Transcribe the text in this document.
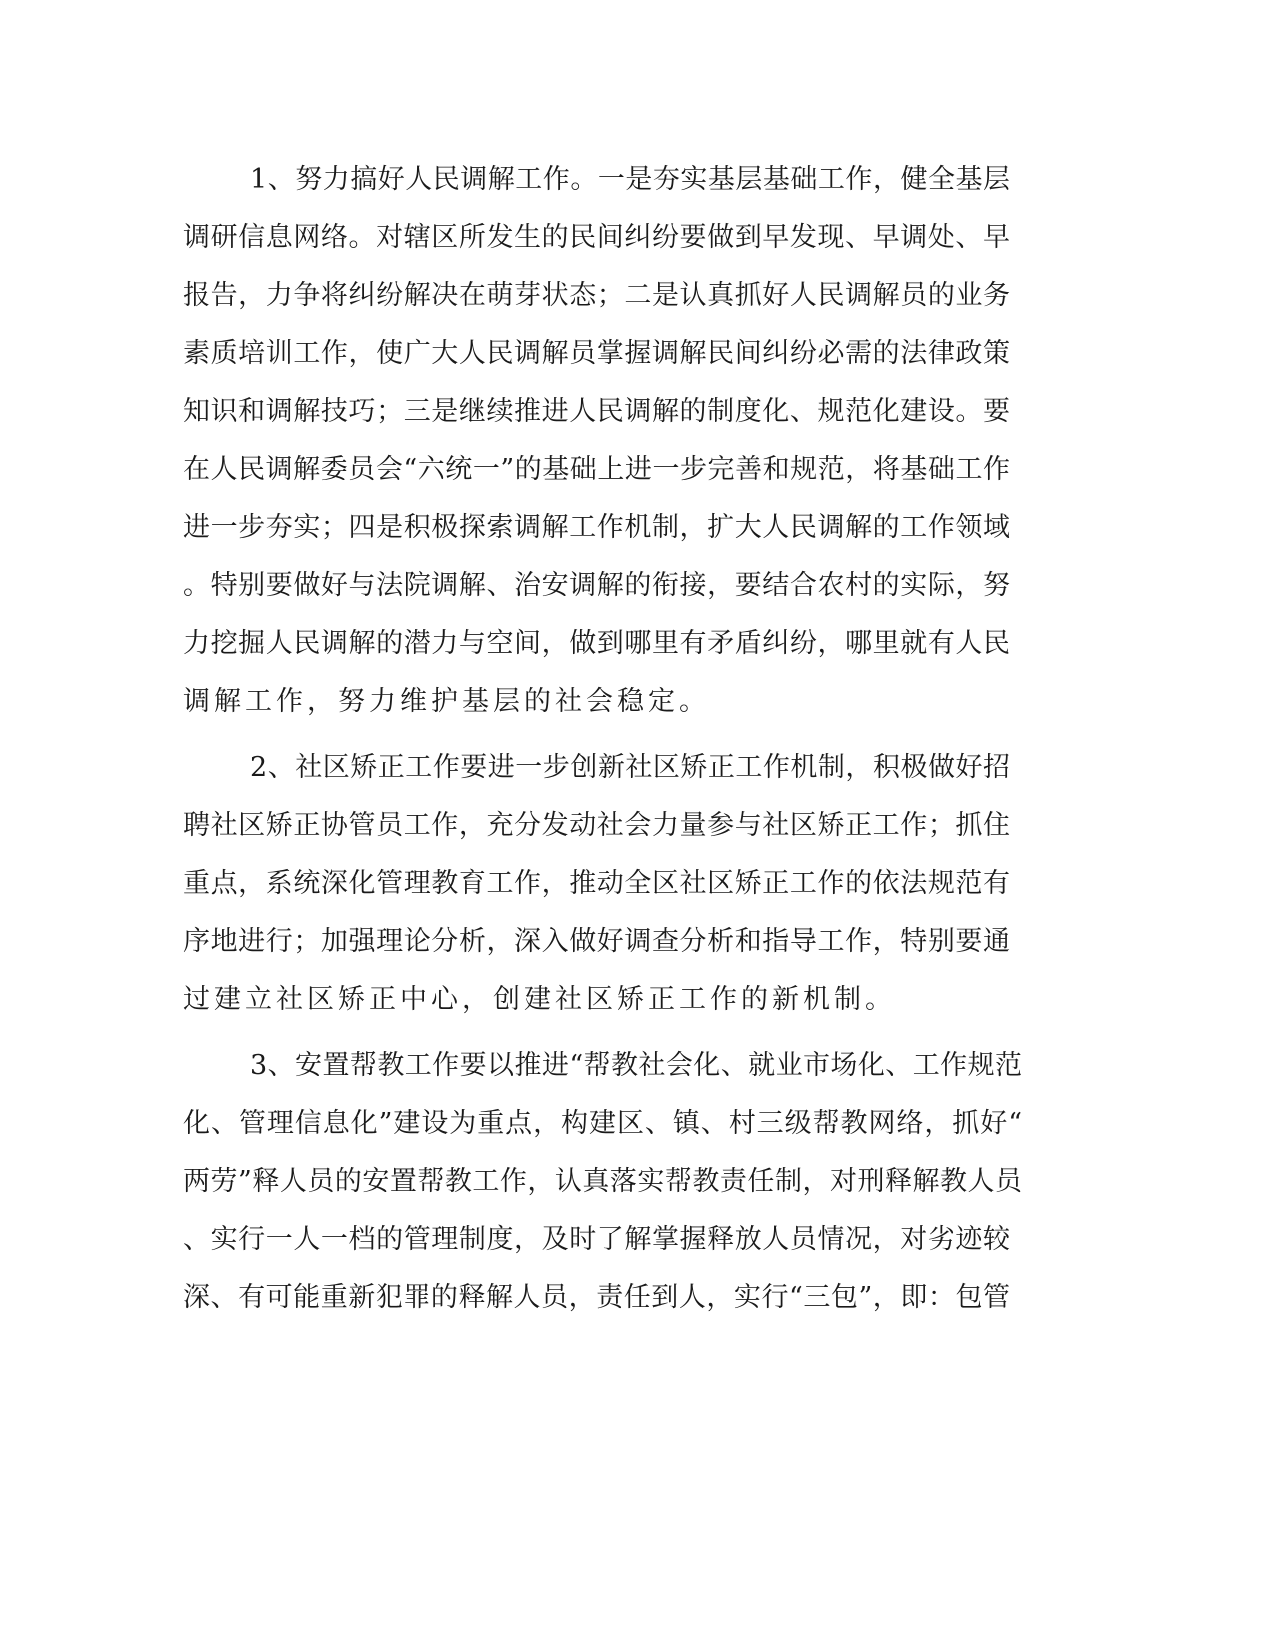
1、努力搞好人民调解工作。一是夯实基层基础工作，健全基层
调研信息网络。对辖区所发生的民间纠纷要做到早发现、早调处、早
报告，力争将纠纷解决在萌芽状态；二是认真抓好人民调解员的业务
素质培训工作，使广大人民调解员掌握调解民间纠纷必需的法律政策
知识和调解技巧；三是继续推进人民调解的制度化、规范化建设。要
在人民调解委员会“六统一”的基础上进一步完善和规范，将基础工作
进一步夯实；四是积极探索调解工作机制，扩大人民调解的工作领域
。特别要做好与法院调解、治安调解的衔接，要结合农村的实际，努
力挖掘人民调解的潜力与空间，做到哪里有矛盾纠纷，哪里就有人民
调解工作，努力维护基层的社会稳定。
2、社区矫正工作要进一步创新社区矫正工作机制，积极做好招
聘社区矫正协管员工作，充分发动社会力量参与社区矫正工作；抓住
重点，系统深化管理教育工作，推动全区社区矫正工作的依法规范有
序地进行；加强理论分析，深入做好调查分析和指导工作，特别要通
过建立社区矫正中心，创建社区矫正工作的新机制。
3、安置帮教工作要以推进“帮教社会化、就业市场化、工作规范
化、管理信息化”建设为重点，构建区、镇、村三级帮教网络，抓好“
两劳”释人员的安置帮教工作，认真落实帮教责任制，对刑释解教人员
、实行一人一档的管理制度，及时了解掌握释放人员情况，对劣迹较
深、有可能重新犯罪的释解人员，责任到人，实行“三包”，即：包管
